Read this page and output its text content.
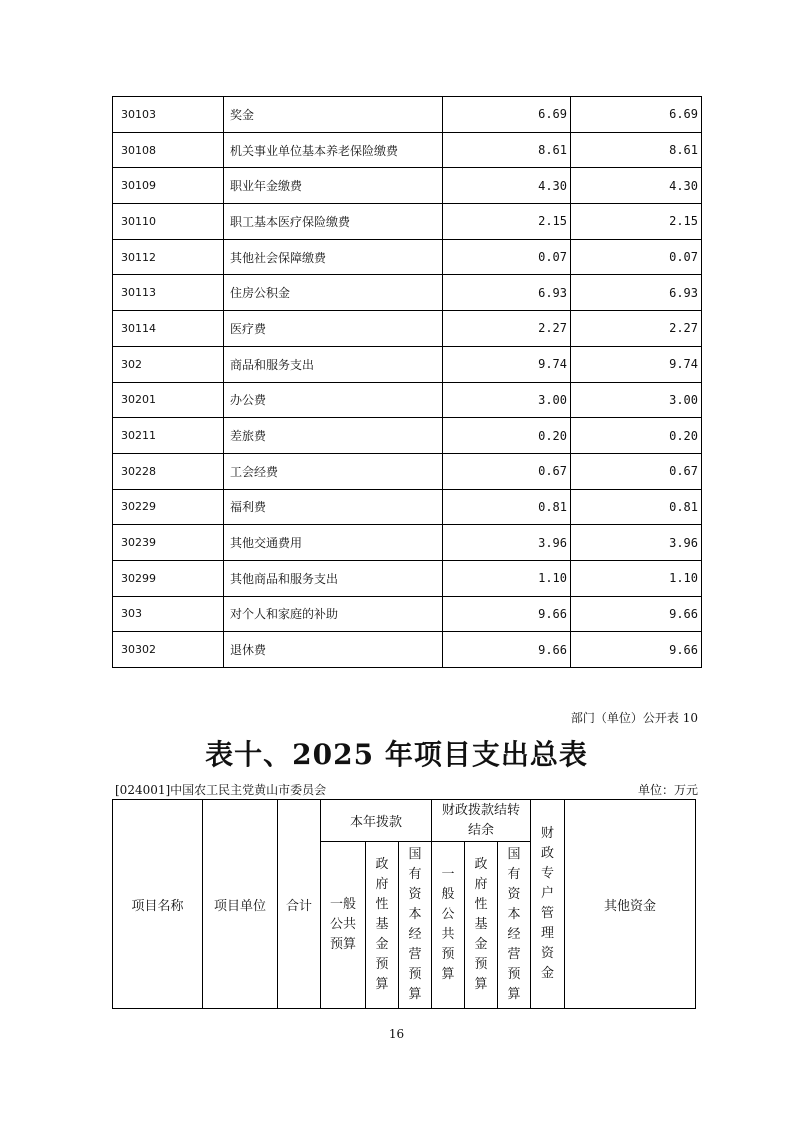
30103	奖金	6.69	6.69
30108	机关事业单位基本养老保险缴费	8.61	8.61
30109	职业年金缴费	4.30	4.30
30110	职工基本医疗保险缴费	2.15	2.15
30112	其他社会保障缴费	0.07	0.07
30113	住房公积金	6.93	6.93
30114	医疗费	2.27	2.27
302	商品和服务支出	9.74	9.74
30201	办公费	3.00	3.00
30211	差旅费	0.20	0.20
30228	工会经费	0.67	0.67
30229	福利费	0.81	0.81
30239	其他交通费用	3.96	3.96
30299	其他商品和服务支出	1.10	1.10
303	对个人和家庭的补助	9.66	9.66
30302	退休费	9.66	9.66
部门（单位）公开表 10
表十、2025 年项目支出总表
[024001]中国农工民主党黄山市委员会	单位：万元
项目名称	项目单位	合计	本年拨款			财政拨款结转结余			财政专户管理资金	其他资金
			一般公共预算	政府性基金预算	国有资本经营预算	一般公共预算	政府性基金预算	国有资本经营预算		
16
